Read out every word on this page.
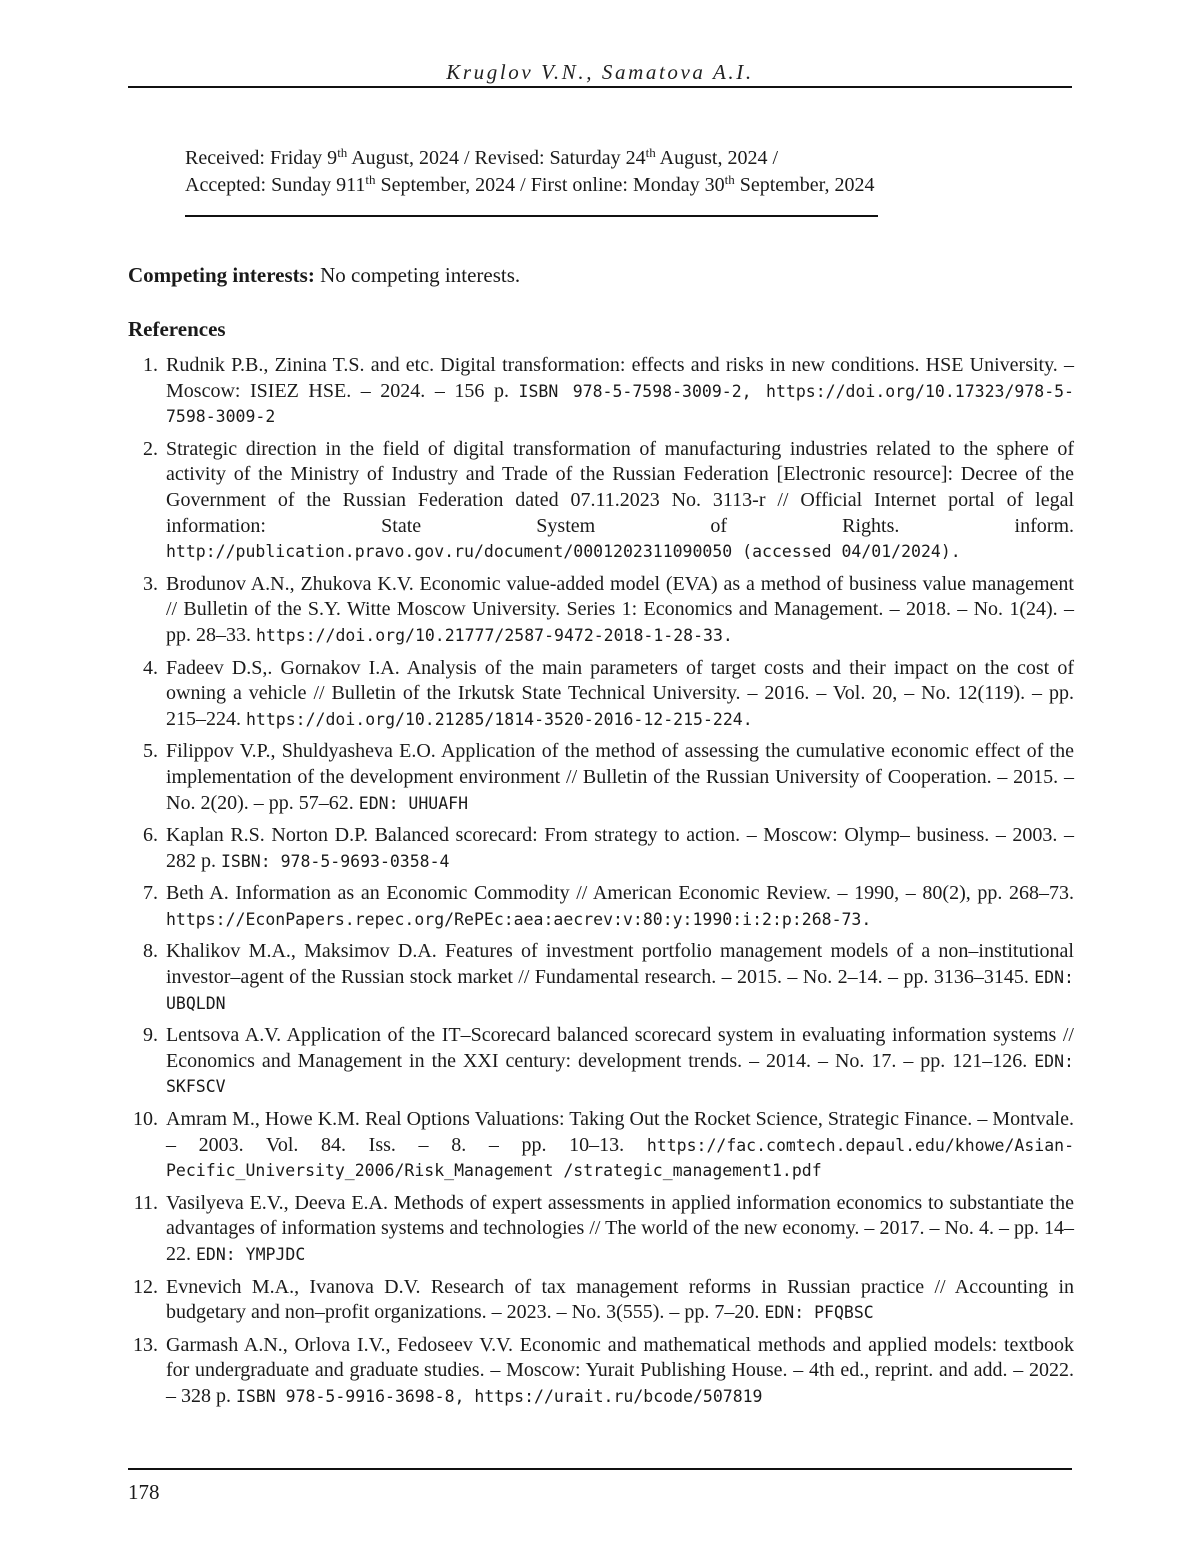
Kruglov V.N., Samatova A.I.
Received: Friday 9th August, 2024 / Revised: Saturday 24th August, 2024 /
Accepted: Sunday 911th September, 2024 / First online: Monday 30th September, 2024
Competing interests: No competing interests.
References
1. Rudnik P.B., Zinina T.S. and etc. Digital transformation: effects and risks in new conditions. HSE University. – Moscow: ISIEZ HSE. – 2024. – 156 p. ISBN 978-5-7598-3009-2, https://doi.org/10.17323/978-5-7598-3009-2
2. Strategic direction in the field of digital transformation of manufacturing industries related to the sphere of activity of the Ministry of Industry and Trade of the Russian Federation [Electronic resource]: Decree of the Government of the Russian Federation dated 07.11.2023 No. 3113-r // Official Internet portal of legal information: State System of Rights. inform. http://publication.pravo.gov.ru/document/0001202311090050 (accessed 04/01/2024).
3. Brodunov A.N., Zhukova K.V. Economic value-added model (EVA) as a method of business value management // Bulletin of the S.Y. Witte Moscow University. Series 1: Economics and Management. – 2018. – No. 1(24). – pp. 28–33. https://doi.org/10.21777/2587-9472-2018-1-28-33.
4. Fadeev D.S,. Gornakov I.A. Analysis of the main parameters of target costs and their impact on the cost of owning a vehicle // Bulletin of the Irkutsk State Technical University. – 2016. – Vol. 20, – No. 12(119). – pp. 215–224. https://doi.org/10.21285/1814-3520-2016-12-215-224.
5. Filippov V.P., Shuldyasheva E.O. Application of the method of assessing the cumulative economic effect of the implementation of the development environment // Bulletin of the Russian University of Cooperation. – 2015. – No. 2(20). – pp. 57–62. EDN: UHUAFH
6. Kaplan R.S. Norton D.P. Balanced scorecard: From strategy to action. – Moscow: Olymp– business. – 2003. – 282 p. ISBN: 978-5-9693-0358-4
7. Beth A. Information as an Economic Commodity // American Economic Review. – 1990, – 80(2), pp. 268–73. https://EconPapers.repec.org/RePEc:aea:aecrev:v:80:y:1990:i:2:p:268-73.
8. Khalikov M.A., Maksimov D.A. Features of investment portfolio management models of a non–institutional investor–agent of the Russian stock market // Fundamental research. – 2015. – No. 2–14. – pp. 3136–3145. EDN: UBQLDN
9. Lentsova A.V. Application of the IT–Scorecard balanced scorecard system in evaluating information systems // Economics and Management in the XXI century: development trends. – 2014. – No. 17. – pp. 121–126. EDN: SKFSCV
10. Amram M., Howe K.M. Real Options Valuations: Taking Out the Rocket Science, Strategic Finance. – Montvale. – 2003. Vol. 84. Iss. – 8. – pp. 10–13. https://fac.comtech.depaul.edu/khowe/Asian-Pecific_University_2006/Risk_Management /strategic_management1.pdf
11. Vasilyeva E.V., Deeva E.A. Methods of expert assessments in applied information economics to substantiate the advantages of information systems and technologies // The world of the new economy. – 2017. – No. 4. – pp. 14–22. EDN: YMPJDC
12. Evnevich M.A., Ivanova D.V. Research of tax management reforms in Russian practice // Accounting in budgetary and non–profit organizations. – 2023. – No. 3(555). – pp. 7–20. EDN: PFQBSC
13. Garmash A.N., Orlova I.V., Fedoseev V.V. Economic and mathematical methods and applied models: textbook for undergraduate and graduate studies. – Moscow: Yurait Publishing House. – 4th ed., reprint. and add. – 2022. – 328 p. ISBN 978-5-9916-3698-8, https://urait.ru/bcode/507819
178
